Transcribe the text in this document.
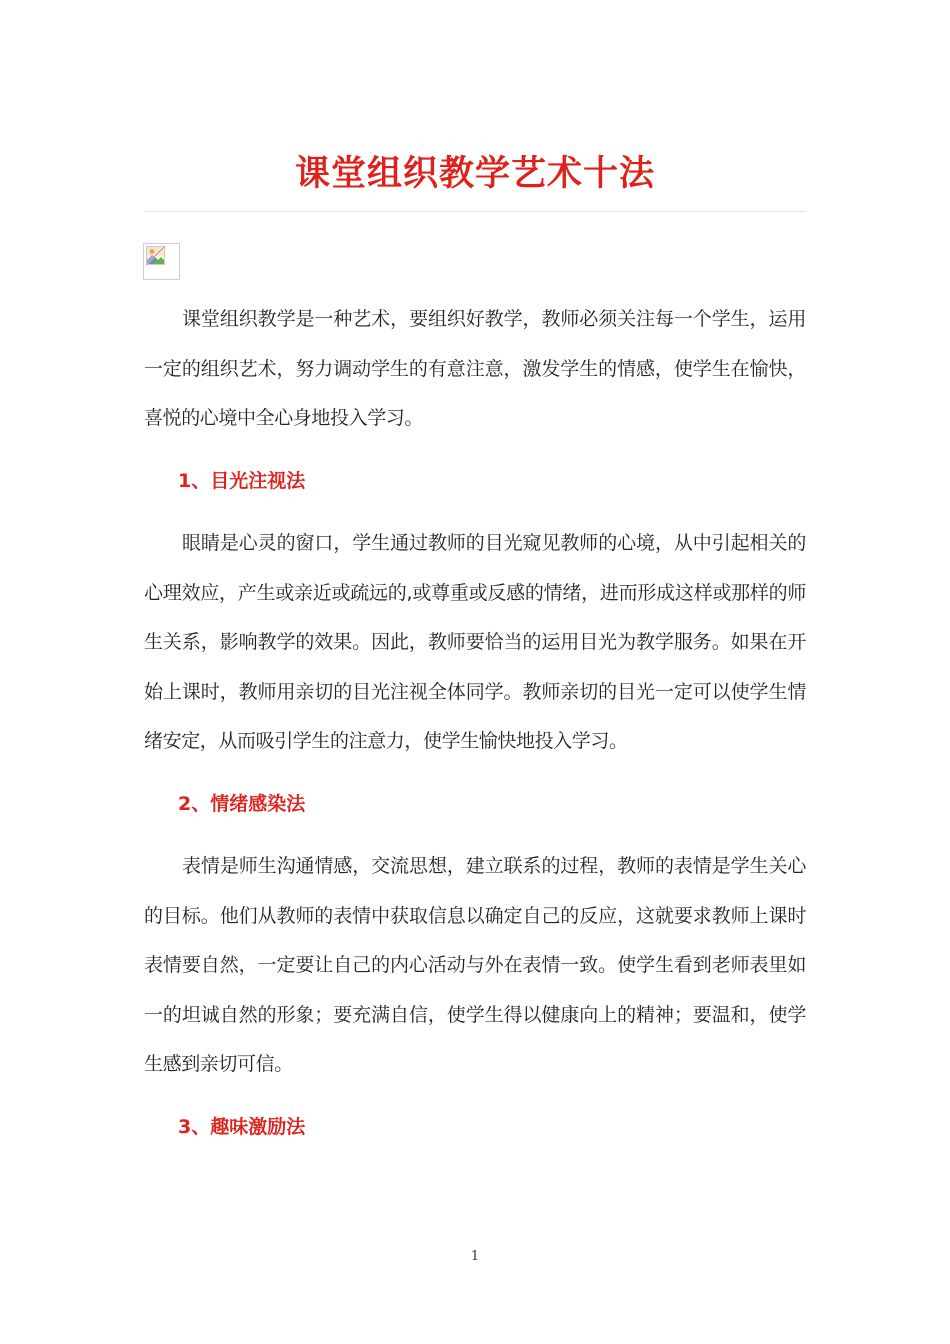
课堂组织教学艺术十法

课堂组织教学是一种艺术，要组织好教学，教师必须关注每一个学生，运用一定的组织艺术，努力调动学生的有意注意，激发学生的情感，使学生在愉快，喜悦的心境中全心身地投入学习。

1、目光注视法

眼睛是心灵的窗口，学生通过教师的目光窥见教师的心境，从中引起相关的心理效应，产生或亲近或疏远的,或尊重或反感的情绪，进而形成这样或那样的师生关系，影响教学的效果。因此，教师要恰当的运用目光为教学服务。如果在开始上课时，教师用亲切的目光注视全体同学。教师亲切的目光一定可以使学生情绪安定，从而吸引学生的注意力，使学生愉快地投入学习。

2、情绪感染法

表情是师生沟通情感，交流思想，建立联系的过程，教师的表情是学生关心的目标。他们从教师的表情中获取信息以确定自己的反应，这就要求教师上课时表情要自然，一定要让自己的内心活动与外在表情一致。使学生看到老师表里如一的坦诚自然的形象；要充满自信，使学生得以健康向上的精神；要温和，使学生感到亲切可信。

3、趣味激励法
1
